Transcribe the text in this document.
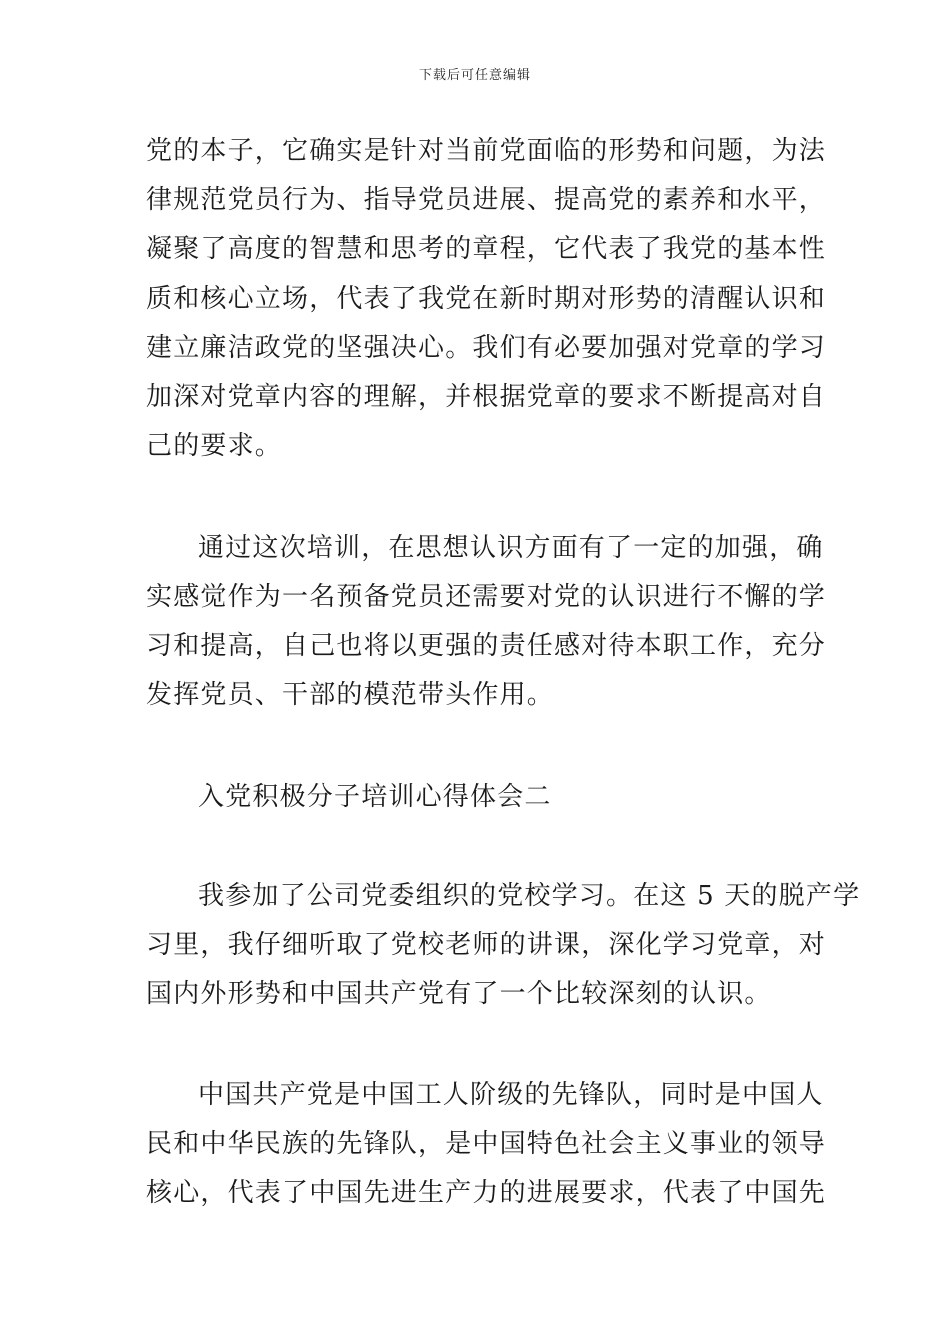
下载后可任意编辑
党的本子，它确实是针对当前党面临的形势和问题，为法
律规范党员行为、指导党员进展、提高党的素养和水平，
凝聚了高度的智慧和思考的章程，它代表了我党的基本性
质和核心立场，代表了我党在新时期对形势的清醒认识和
建立廉洁政党的坚强决心。我们有必要加强对党章的学习
加深对党章内容的理解，并根据党章的要求不断提高对自
己的要求。
通过这次培训，在思想认识方面有了一定的加强，确
实感觉作为一名预备党员还需要对党的认识进行不懈的学
习和提高，自己也将以更强的责任感对待本职工作，充分
发挥党员、干部的模范带头作用。
入党积极分子培训心得体会二
我参加了公司党委组织的党校学习。在这 5 天的脱产学
习里，我仔细听取了党校老师的讲课，深化学习党章，对
国内外形势和中国共产党有了一个比较深刻的认识。
中国共产党是中国工人阶级的先锋队，同时是中国人
民和中华民族的先锋队，是中国特色社会主义事业的领导
核心，代表了中国先进生产力的进展要求，代表了中国先
